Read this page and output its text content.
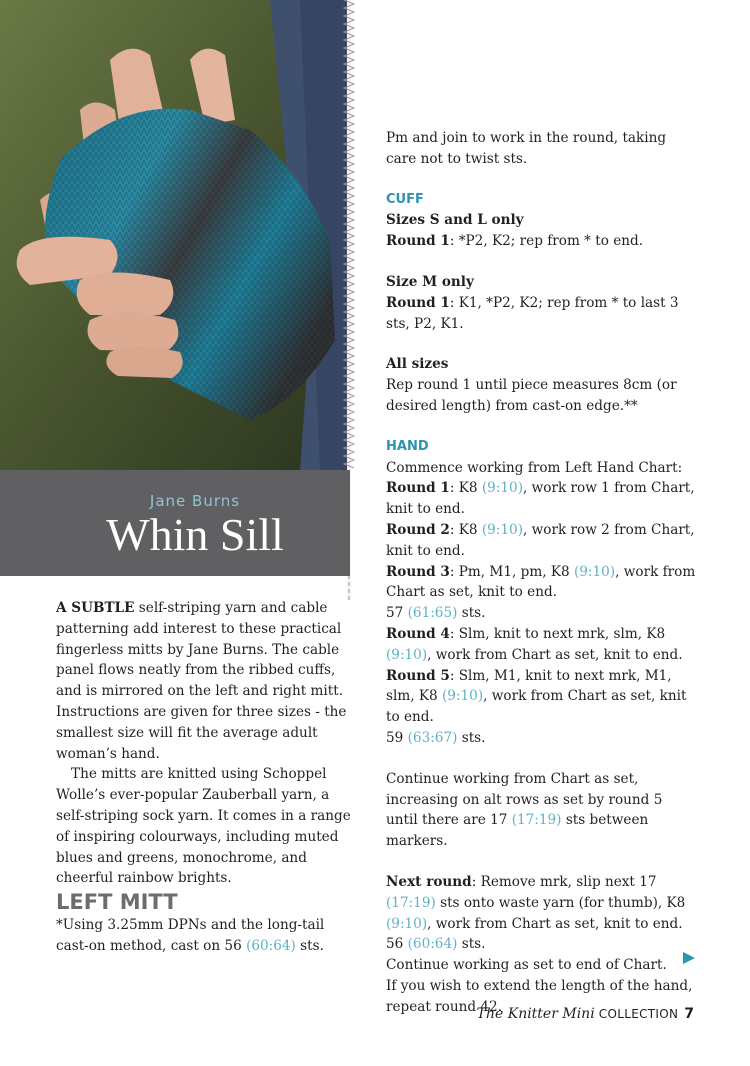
Jane Burns
Whin Sill

A SUBTLE self-striping yarn and cable patterning add interest to these practical fingerless mitts by Jane Burns. The cable panel flows neatly from the ribbed cuffs, and is mirrored on the left and right mitt. Instructions are given for three sizes - the smallest size will fit the average adult woman’s hand.

The mitts are knitted using Schoppel Wolle’s ever-popular Zauberball yarn, a self-striping sock yarn. It comes in a range of inspiring colourways, including muted blues and greens, monochrome, and cheerful rainbow brights.

LEFT MITT

*Using 3.25mm DPNs and the long-tail cast-on method, cast on 56 (60:64) sts.

Pm and join to work in the round, taking care not to twist sts.

CUFF

Sizes S and L only

Round 1: *P2, K2; rep from * to end.

Size M only

Round 1: K1, *P2, K2; rep from * to last 3 sts, P2, K1.

All sizes

Rep round 1 until piece measures 8cm (or desired length) from cast-on edge.**

HAND

Commence working from Left Hand Chart:

Round 1: K8 (9:10), work row 1 from Chart, knit to end.

Round 2: K8 (9:10), work row 2 from Chart, knit to end.

Round 3: Pm, M1, pm, K8 (9:10), work from Chart as set, knit to end.

57 (61:65) sts.

Round 4: Slm, knit to next mrk, slm, K8 (9:10), work from Chart as set, knit to end.

Round 5: Slm, M1, knit to next mrk, M1, slm, K8 (9:10), work from Chart as set, knit to end.

59 (63:67) sts.

Continue working from Chart as set, increasing on alt rows as set by round 5 until there are 17 (17:19) sts between markers.

Next round: Remove mrk, slip next 17 (17:19) sts onto waste yarn (for thumb), K8 (9:10), work from Chart as set, knit to end.

56 (60:64) sts.

Continue working as set to end of Chart.

If you wish to extend the length of the hand, repeat round 42.

The Knitter Mini COLLECTION 7
